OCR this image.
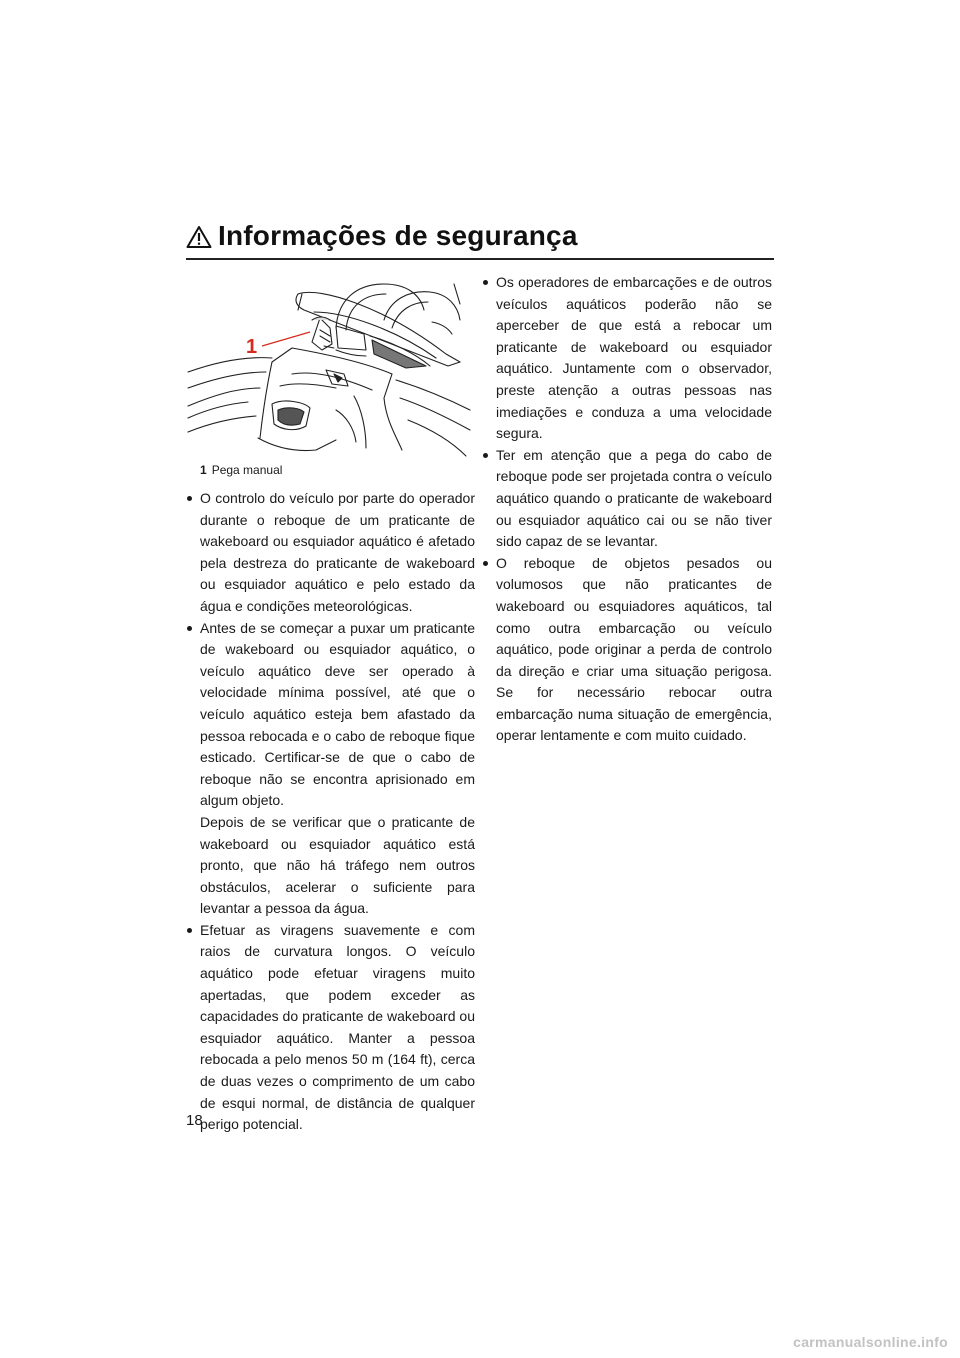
Informações de segurança
1
1 Pega manual

O controlo do veículo por parte do operador durante o reboque de um praticante de wakeboard ou esquiador aquático é afetado pela destreza do praticante de wakeboard ou esquiador aquático e pelo estado da água e condições meteorológicas.

Antes de se começar a puxar um praticante de wakeboard ou esquiador aquático, o veículo aquático deve ser operado à velocidade mínima possível, até que o veículo aquático esteja bem afastado da pessoa rebocada e o cabo de reboque fique esticado. Certificar-se de que o cabo de reboque não se encontra aprisionado em algum objeto.

Depois de se verificar que o praticante de wakeboard ou esquiador aquático está pronto, que não há tráfego nem outros obstáculos, acelerar o suficiente para levantar a pessoa da água.

Efetuar as viragens suavemente e com raios de curvatura longos. O veículo aquático pode efetuar viragens muito apertadas, que podem exceder as capacidades do praticante de wakeboard ou esquiador aquático. Manter a pessoa rebocada a pelo menos 50 m (164 ft), cerca de duas vezes o comprimento de um cabo de esqui normal, de distância de qualquer perigo potencial.

Os operadores de embarcações e de outros veículos aquáticos poderão não se aperceber de que está a rebocar um praticante de wakeboard ou esquiador aquático. Juntamente com o observador, preste atenção a outras pessoas nas imediações e conduza a uma velocidade segura.

Ter em atenção que a pega do cabo de reboque pode ser projetada contra o veículo aquático quando o praticante de wakeboard ou esquiador aquático cai ou se não tiver sido capaz de se levantar.

O reboque de objetos pesados ou volumosos que não praticantes de wakeboard ou esquiadores aquáticos, tal como outra embarcação ou veículo aquático, pode originar a perda de controlo da direção e criar uma situação perigosa. Se for necessário rebocar outra embarcação numa situação de emergência, operar lentamente e com muito cuidado.

18
carmanualsonline.info
